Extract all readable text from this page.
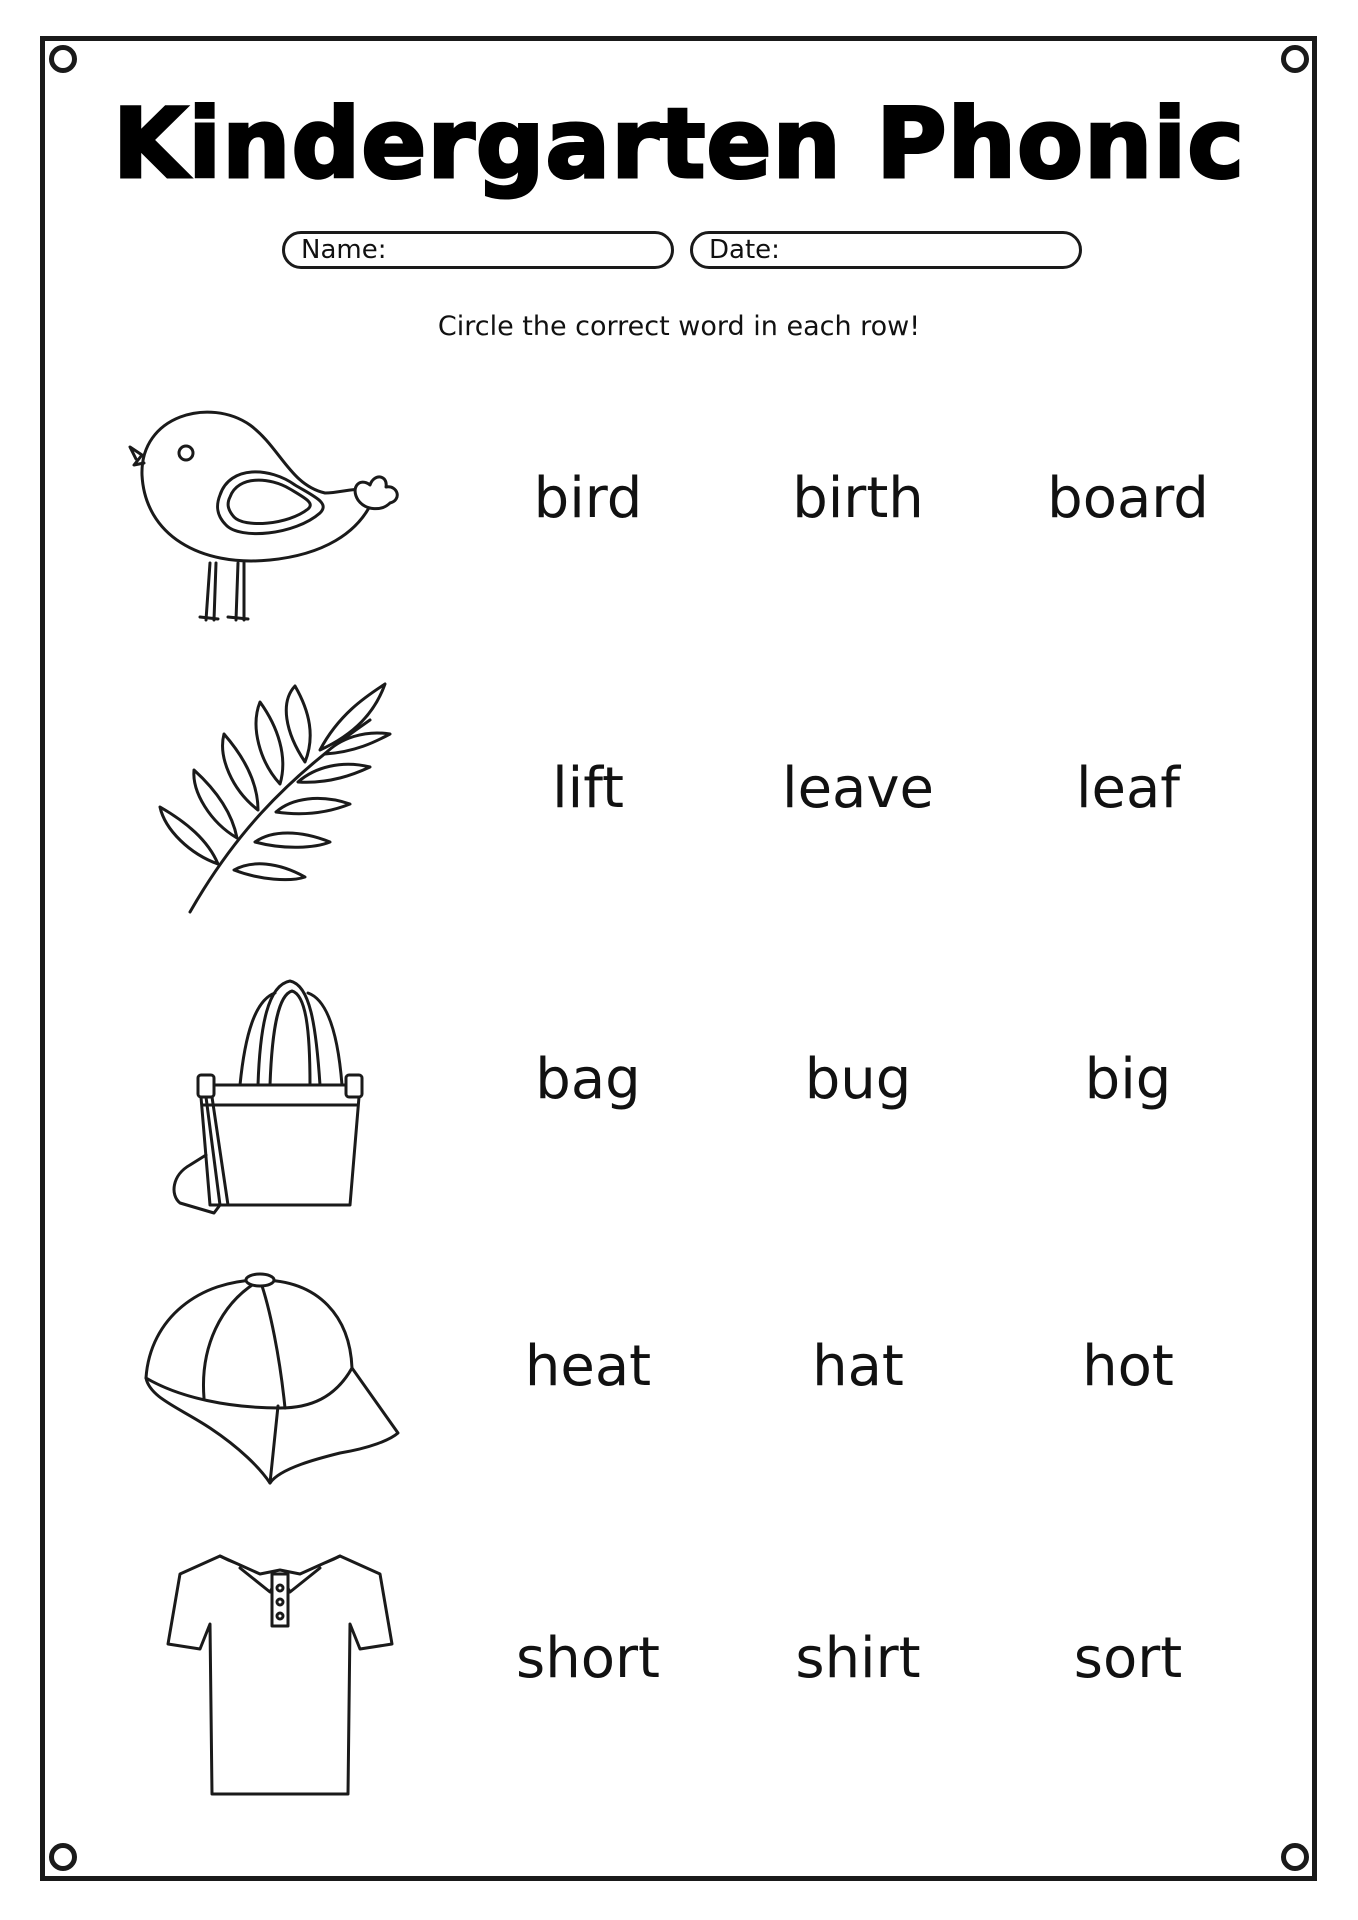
Kindergarten Phonic
Name:	Date:
Circle the correct word in each row!
bird	birth	board
lift	leave	leaf
bag	bug	big
heat	hat	hot
short	shirt	sort
